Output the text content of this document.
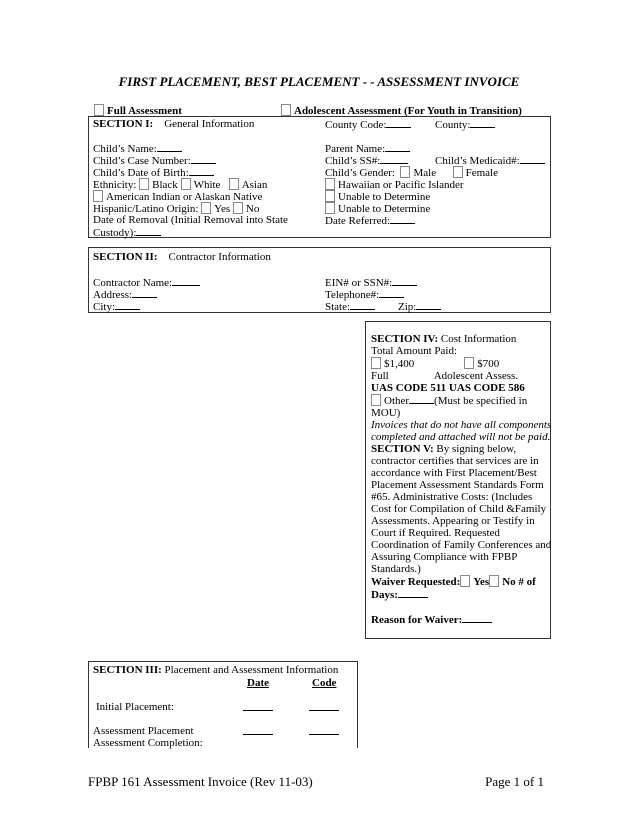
FIRST PLACEMENT, BEST PLACEMENT - - ASSESSMENT INVOICE
Full Assessment	Adolescent Assessment (For Youth in Transition)
SECTION I: General Information	County Code:	County:
Child’s Name:	Parent Name:
Child’s Case Number:	Child’s SS#:	Child’s Medicaid#:
Child’s Date of Birth:	Child’s Gender: Male	Female
Ethnicity: Black White Asian	Hawaiian or Pacific Islander
American Indian or Alaskan Native	Unable to Determine
Hispanic/Latino Origin: Yes No	Unable to Determine
Date of Removal (Initial Removal into State	Date Referred:
Custody):
SECTION II: Contractor Information
Contractor Name:	EIN# or SSN#:
Address:	Telephone#:
City:	State:	Zip:

SECTION IV: Cost Information

Total Amount Paid:

$1,400	$700

Full	Adolescent Assess.

UAS CODE 511 UAS CODE 586

Other (Must be specified in

MOU)

Invoices that do not have all components

completed and attached will not be paid.

SECTION V: By signing below,

contractor certifies that services are in

accordance with First Placement/Best

Placement Assessment Standards Form

#65. Administrative Costs: (Includes

Cost for Compilation of Child &Family

Assessments. Appearing or Testify in

Court if Required. Requested

Coordination of Family Conferences and

Assuring Compliance with FPBP

Standards.)

Waiver Requested: Yes No # of

Days:

Reason for Waiver:

SECTION III: Placement and Assessment Information
Date	Code
Initial Placement:
Assessment Placement
Assessment Completion:
FPBP 161 Assessment Invoice (Rev 11-03)	Page 1 of 1
